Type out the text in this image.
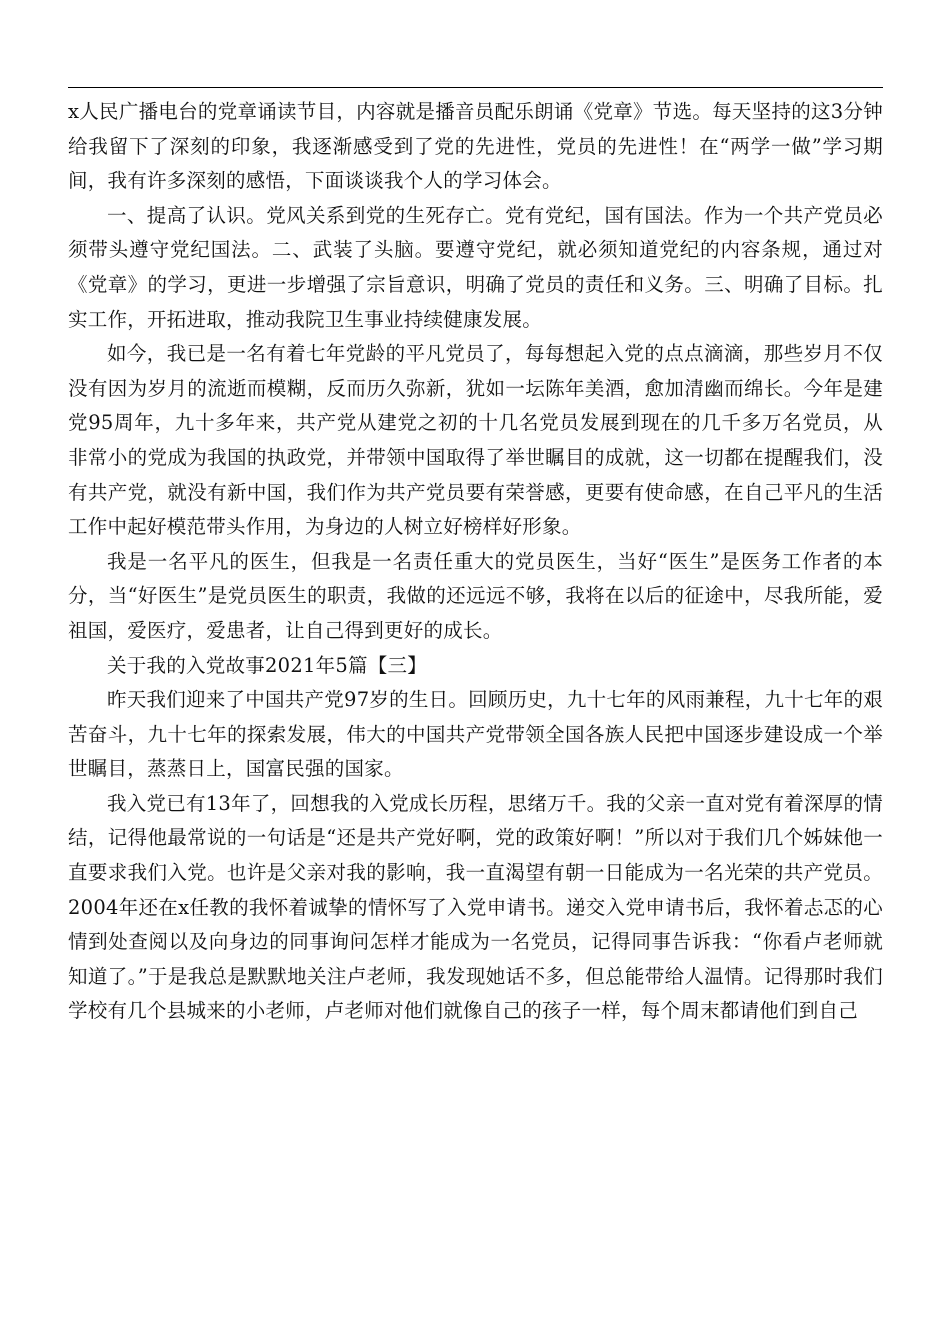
x人民广播电台的党章诵读节目，内容就是播音员配乐朗诵《党章》节选。每天坚持的这3分钟给我留下了深刻的印象，我逐渐感受到了党的先进性，党员的先进性！在“两学一做”学习期间，我有许多深刻的感悟，下面谈谈我个人的学习体会。

一、提高了认识。党风关系到党的生死存亡。党有党纪，国有国法。作为一个共产党员必须带头遵守党纪国法。二、武装了头脑。要遵守党纪，就必须知道党纪的内容条规，通过对《党章》的学习，更进一步增强了宗旨意识，明确了党员的责任和义务。三、明确了目标。扎实工作，开拓进取，推动我院卫生事业持续健康发展。

如今，我已是一名有着七年党龄的平凡党员了，每每想起入党的点点滴滴，那些岁月不仅没有因为岁月的流逝而模糊，反而历久弥新，犹如一坛陈年美酒，愈加清幽而绵长。今年是建党95周年，九十多年来，共产党从建党之初的十几名党员发展到现在的几千多万名党员，从非常小的党成为我国的执政党，并带领中国取得了举世瞩目的成就，这一切都在提醒我们，没有共产党，就没有新中国，我们作为共产党员要有荣誉感，更要有使命感，在自己平凡的生活工作中起好模范带头作用，为身边的人树立好榜样好形象。

我是一名平凡的医生，但我是一名责任重大的党员医生，当好“医生”是医务工作者的本分，当“好医生”是党员医生的职责，我做的还远远不够，我将在以后的征途中，尽我所能，爱祖国，爱医疗，爱患者，让自己得到更好的成长。

关于我的入党故事2021年5篇【三】

昨天我们迎来了中国共产党97岁的生日。回顾历史，九十七年的风雨兼程，九十七年的艰苦奋斗，九十七年的探索发展，伟大的中国共产党带领全国各族人民把中国逐步建设成一个举世瞩目，蒸蒸日上，国富民强的国家。

我入党已有13年了，回想我的入党成长历程，思绪万千。我的父亲一直对党有着深厚的情结，记得他最常说的一句话是“还是共产党好啊，党的政策好啊！”所以对于我们几个姊妹他一直要求我们入党。也许是父亲对我的影响，我一直渴望有朝一日能成为一名光荣的共产党员。2004年还在x任教的我怀着诚挚的情怀写了入党申请书。递交入党申请书后，我怀着忐忑的心情到处查阅以及向身边的同事询问怎样才能成为一名党员，记得同事告诉我：“你看卢老师就知道了。”于是我总是默默地关注卢老师，我发现她话不多，但总能带给人温情。记得那时我们学校有几个县城来的小老师，卢老师对他们就像自己的孩子一样，每个周末都请他们到自己
